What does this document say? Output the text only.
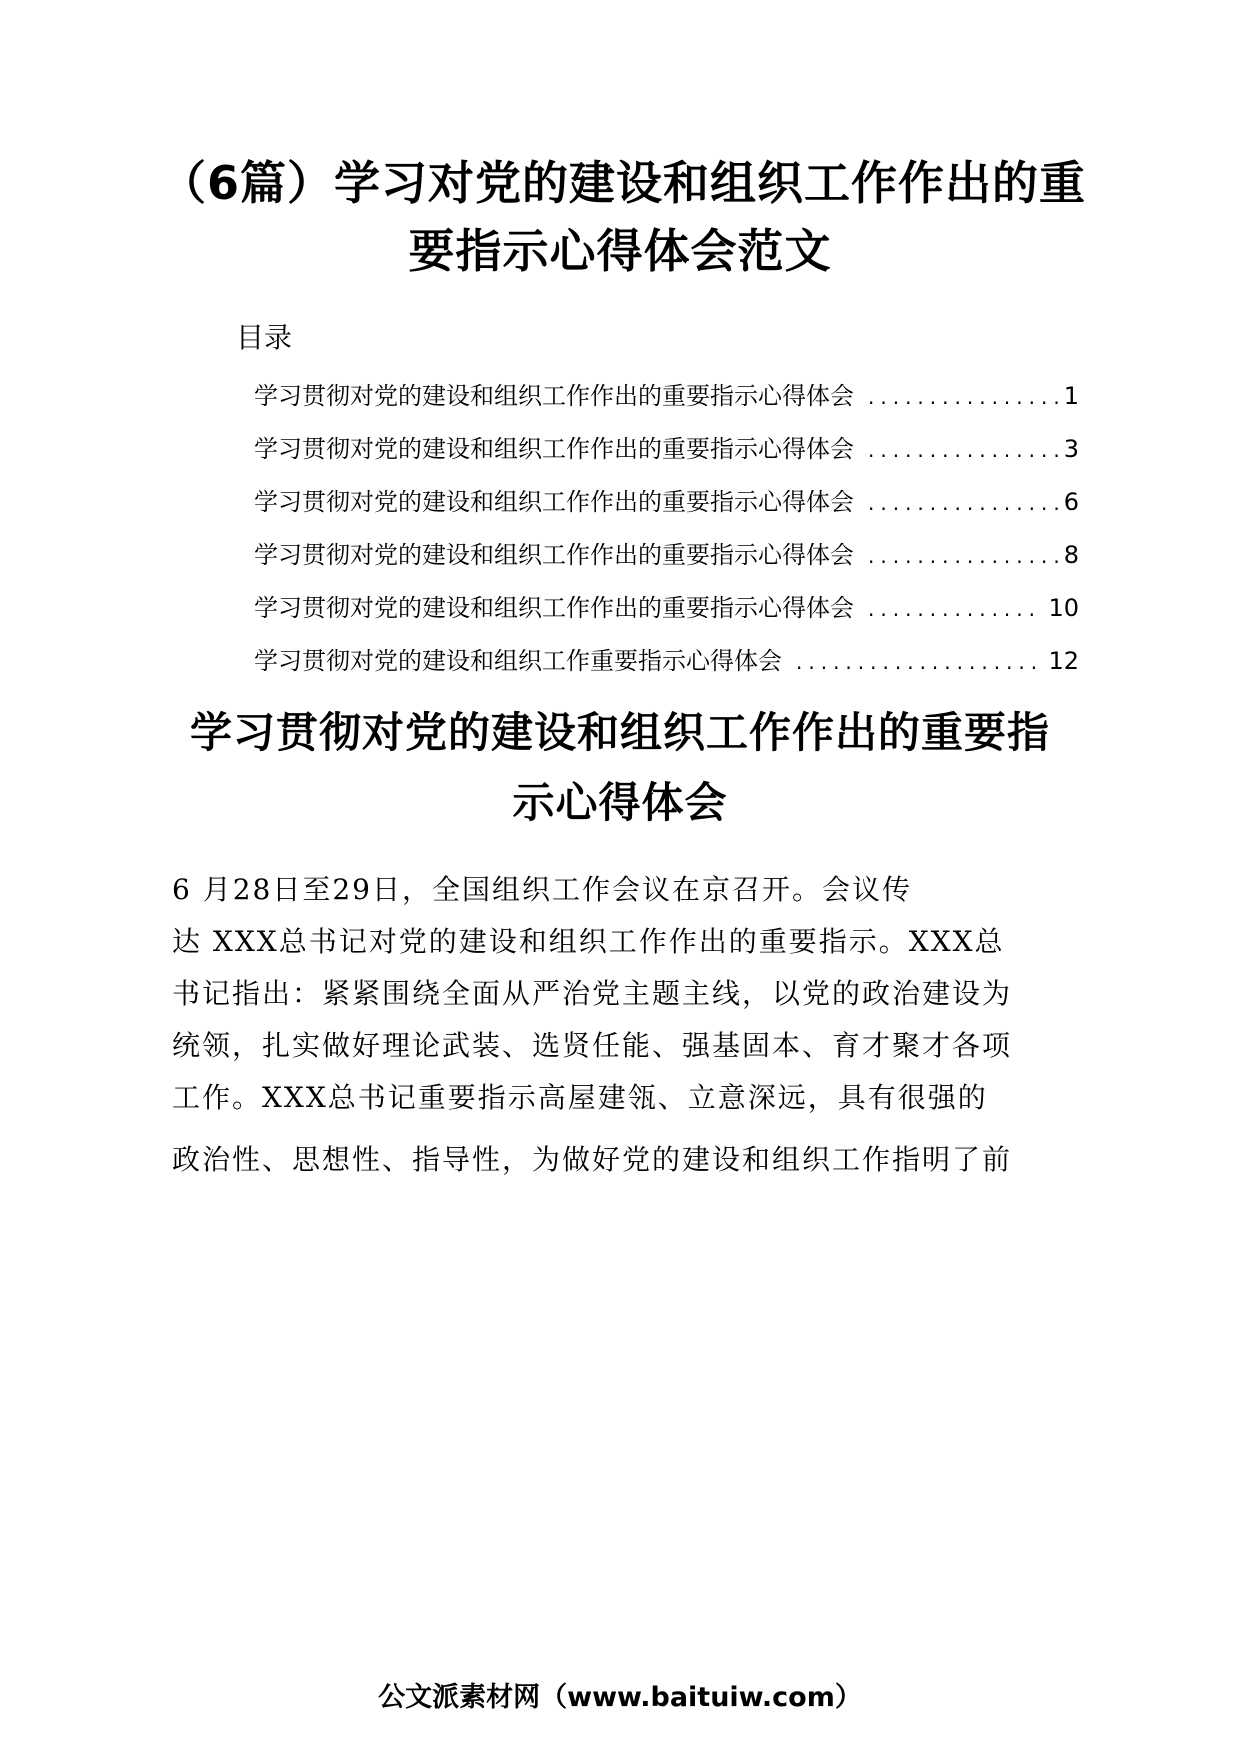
（6篇）学习对党的建设和组织工作作出的重
要指示心得体会范文
目录
学习贯彻对党的建设和组织工作作出的重要指示心得体会 .....	1
学习贯彻对党的建设和组织工作作出的重要指示心得体会 .....	3
学习贯彻对党的建设和组织工作作出的重要指示心得体会 .....	6
学习贯彻对党的建设和组织工作作出的重要指示心得体会 .....	8
学习贯彻对党的建设和组织工作作出的重要指示心得体会 .....	10
学习贯彻对党的建设和组织工作重要指示心得体会 .....	12
学习贯彻对党的建设和组织工作作出的重要指
示心得体会
6 月28日至29日，全国组织工作会议在京召开。会议传
达 XXX总书记对党的建设和组织工作作出的重要指示。XXX总
书记指出：紧紧围绕全面从严治党主题主线，以党的政治建设为
统领，扎实做好理论武装、选贤任能、强基固本、育才聚才各项
工作。XXX总书记重要指示高屋建瓴、立意深远，具有很强的
政治性、思想性、指导性，为做好党的建设和组织工作指明了前
公文派素材网（www.baituiw.com）
